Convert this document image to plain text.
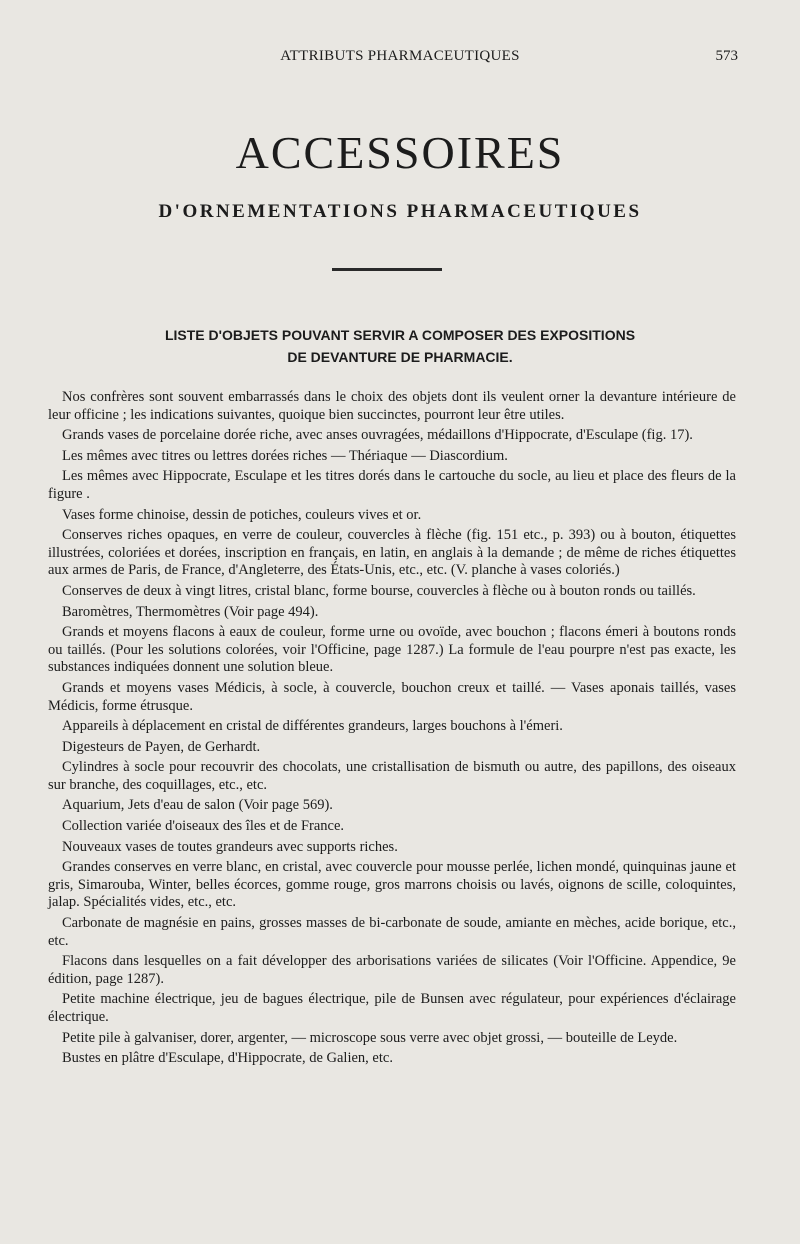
ATTRIBUTS PHARMACEUTIQUES	573
ACCESSOIRES
D'ORNEMENTATIONS PHARMACEUTIQUES
LISTE D'OBJETS POUVANT SERVIR A COMPOSER DES EXPOSITIONS
DE DEVANTURE DE PHARMACIE.

Nos confrères sont souvent embarrassés dans le choix des objets dont ils veulent orner la devanture intérieure de leur officine ; les indications suivantes, quoique bien succinctes, pourront leur être utiles.

Grands vases de porcelaine dorée riche, avec anses ouvragées, médaillons d'Hippocrate, d'Esculape (fig. 17).

Les mêmes avec titres ou lettres dorées riches — Thériaque — Diascordium.

Les mêmes avec Hippocrate, Esculape et les titres dorés dans le cartouche du socle, au lieu et place des fleurs de la figure .

Vases forme chinoise, dessin de potiches, couleurs vives et or.

Conserves riches opaques, en verre de couleur, couvercles à flèche (fig. 151 etc., p. 393) ou à bouton, étiquettes illustrées, coloriées et dorées, inscription en français, en latin, en anglais à la demande ; de même de riches étiquettes aux armes de Paris, de France, d'Angleterre, des États-Unis, etc., etc. (V. planche à vases coloriés.)

Conserves de deux à vingt litres, cristal blanc, forme bourse, couvercles à flèche ou à bouton ronds ou taillés.

Baromètres, Thermomètres (Voir page 494).

Grands et moyens flacons à eaux de couleur, forme urne ou ovoïde, avec bouchon ; flacons émeri à boutons ronds ou taillés. (Pour les solutions colorées, voir l'Officine, page 1287.) La formule de l'eau pourpre n'est pas exacte, les substances indiquées donnent une solution bleue.

Grands et moyens vases Médicis, à socle, à couvercle, bouchon creux et taillé. — Vases aponais taillés, vases Médicis, forme étrusque.

Appareils à déplacement en cristal de différentes grandeurs, larges bouchons à l'émeri.

Digesteurs de Payen, de Gerhardt.

Cylindres à socle pour recouvrir des chocolats, une cristallisation de bismuth ou autre, des papillons, des oiseaux sur branche, des coquillages, etc., etc.

Aquarium, Jets d'eau de salon (Voir page 569).

Collection variée d'oiseaux des îles et de France.

Nouveaux vases de toutes grandeurs avec supports riches.

Grandes conserves en verre blanc, en cristal, avec couvercle pour mousse perlée, lichen mondé, quinquinas jaune et gris, Simarouba, Winter, belles écorces, gomme rouge, gros marrons choisis ou lavés, oignons de scille, coloquintes, jalap. Spécialités vides, etc., etc.

Carbonate de magnésie en pains, grosses masses de bi-carbonate de soude, amiante en mèches, acide borique, etc., etc.

Flacons dans lesquelles on a fait développer des arborisations variées de silicates (Voir l'Officine. Appendice, 9e édition, page 1287).

Petite machine électrique, jeu de bagues électrique, pile de Bunsen avec régulateur, pour expériences d'éclairage électrique.

Petite pile à galvaniser, dorer, argenter, — microscope sous verre avec objet grossi, — bouteille de Leyde.

Bustes en plâtre d'Esculape, d'Hippocrate, de Galien, etc.
